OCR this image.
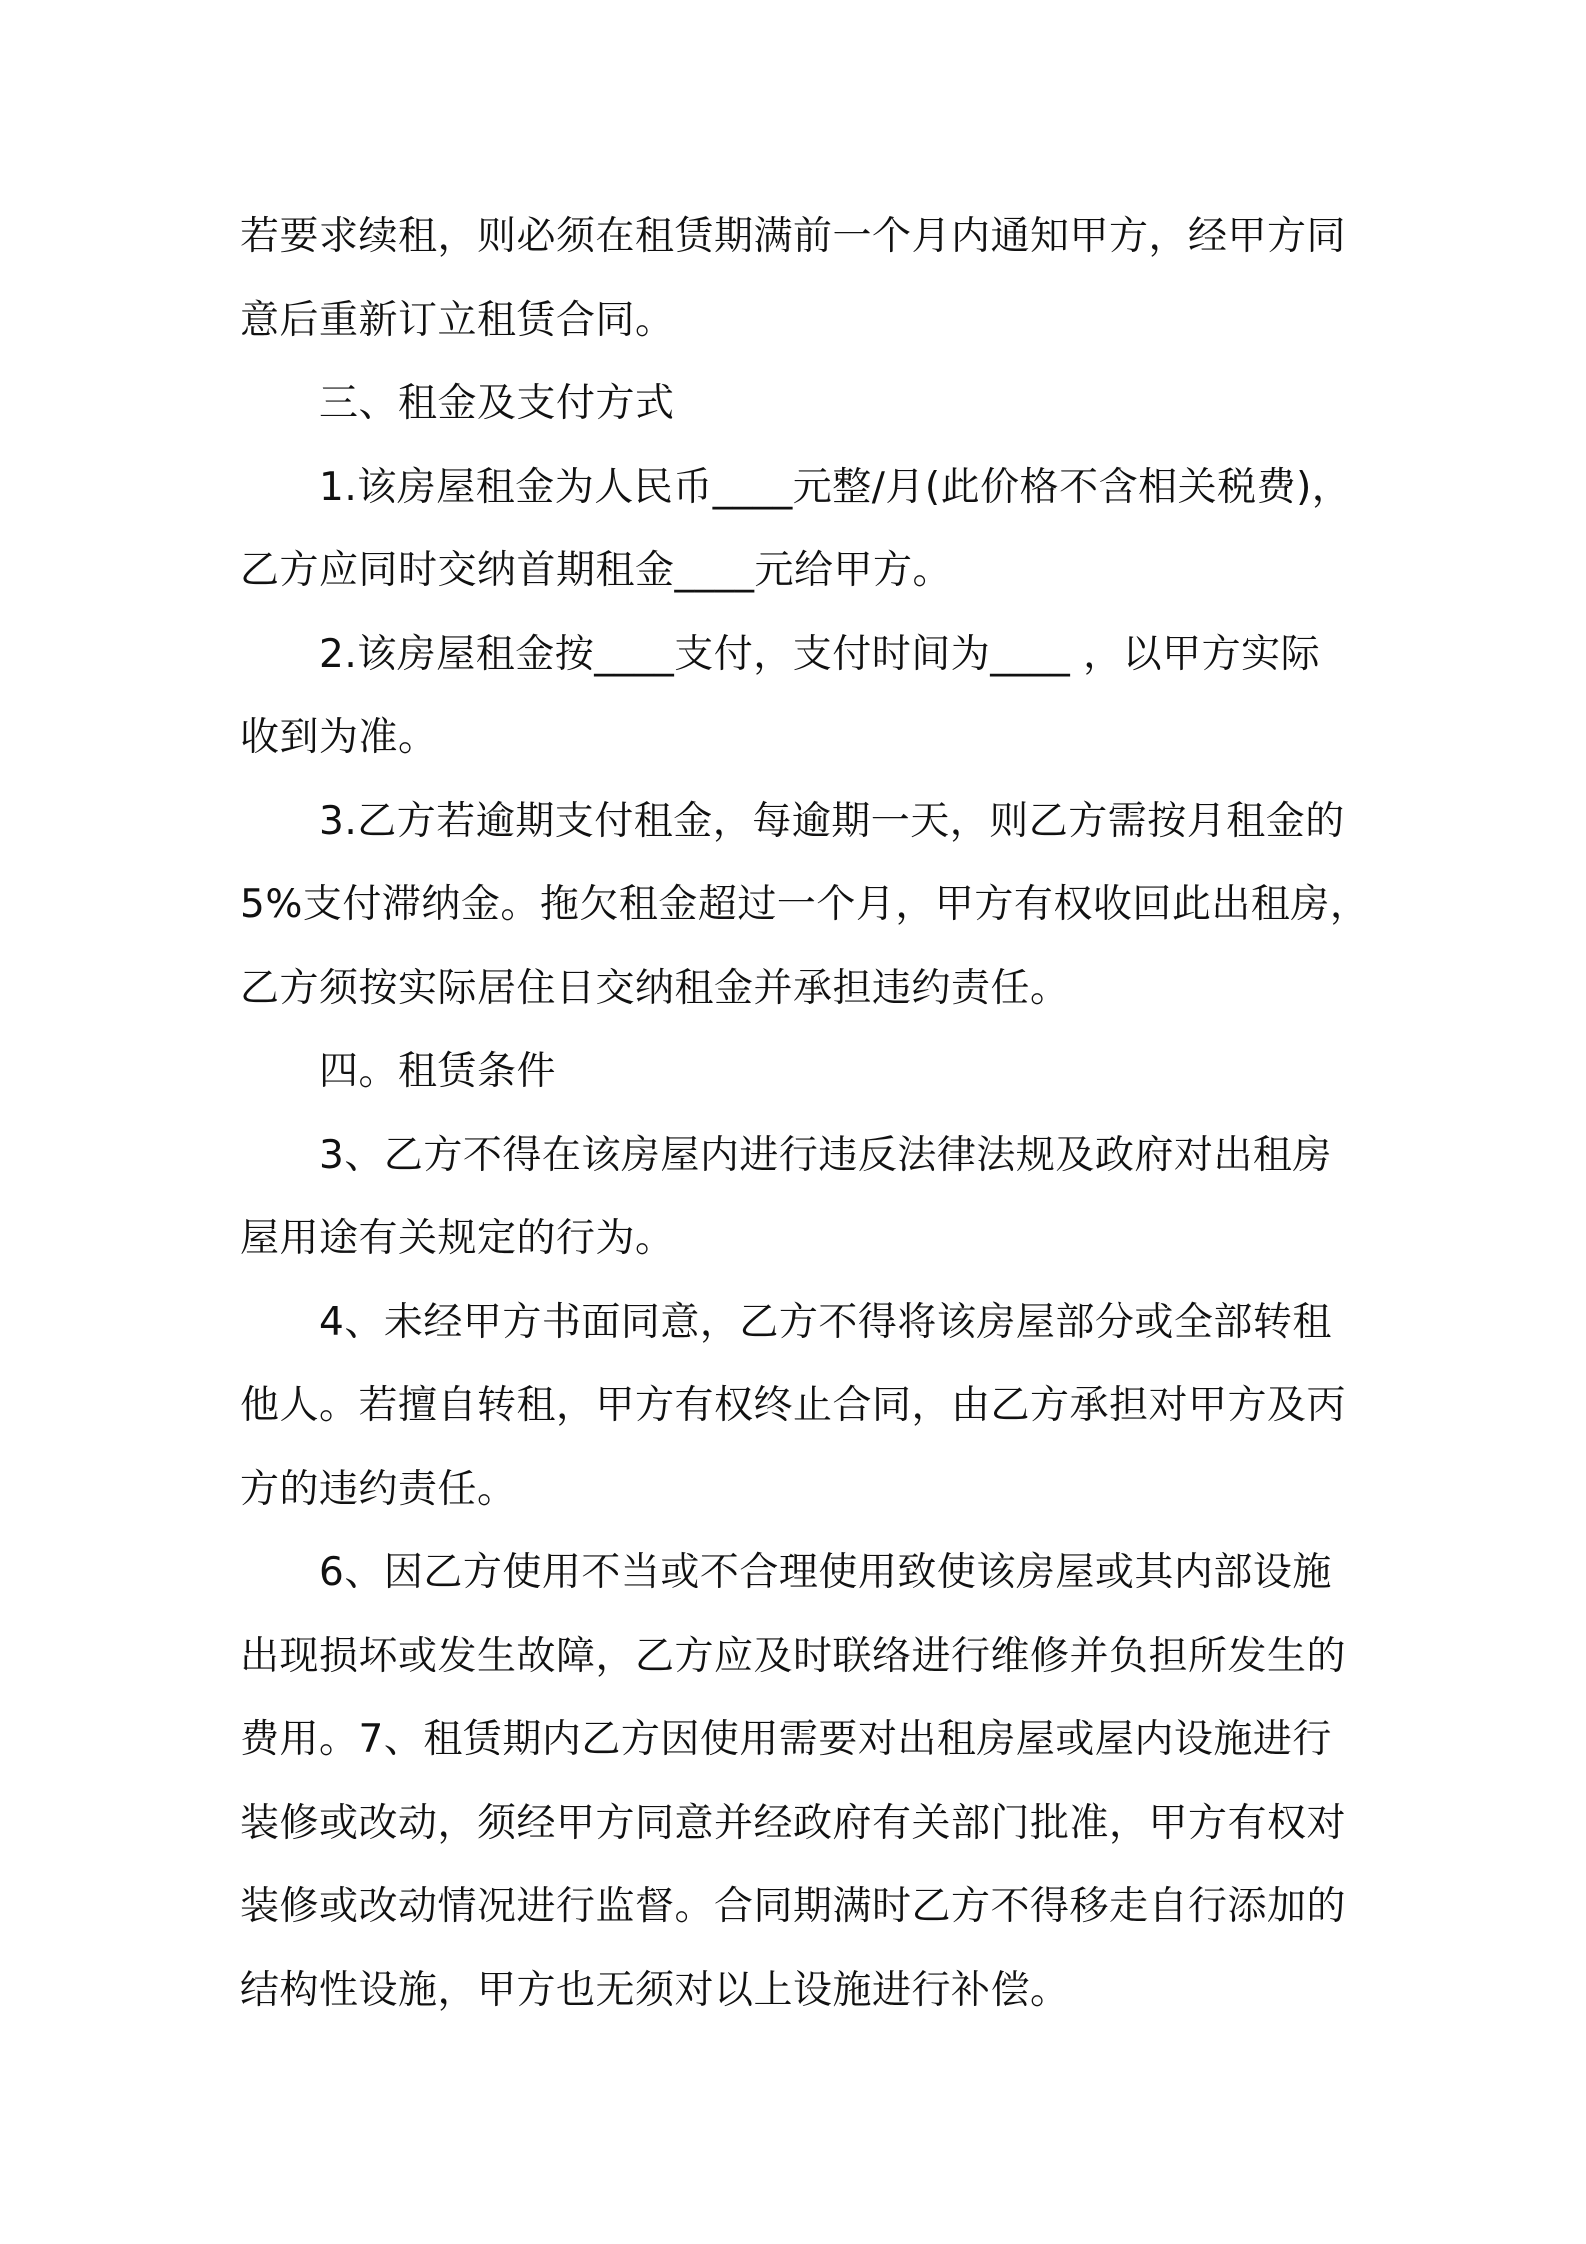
若要求续租，则必须在租赁期满前一个月内通知甲方，经甲方同
意后重新订立租赁合同。
三、租金及支付方式
1.该房屋租金为人民币____元整/月(此价格不含相关税费)，
乙方应同时交纳首期租金____元给甲方。
2.该房屋租金按____支付，支付时间为____ ，以甲方实际
收到为准。
3.乙方若逾期支付租金，每逾期一天，则乙方需按月租金的
5%支付滞纳金。拖欠租金超过一个月，甲方有权收回此出租房，
乙方须按实际居住日交纳租金并承担违约责任。
四。租赁条件
3、乙方不得在该房屋内进行违反法律法规及政府对出租房
屋用途有关规定的行为。
4、未经甲方书面同意，乙方不得将该房屋部分或全部转租
他人。若擅自转租，甲方有权终止合同，由乙方承担对甲方及丙
方的违约责任。
6、因乙方使用不当或不合理使用致使该房屋或其内部设施
出现损坏或发生故障，乙方应及时联络进行维修并负担所发生的
费用。7、租赁期内乙方因使用需要对出租房屋或屋内设施进行
装修或改动，须经甲方同意并经政府有关部门批准，甲方有权对
装修或改动情况进行监督。合同期满时乙方不得移走自行添加的
结构性设施，甲方也无须对以上设施进行补偿。
